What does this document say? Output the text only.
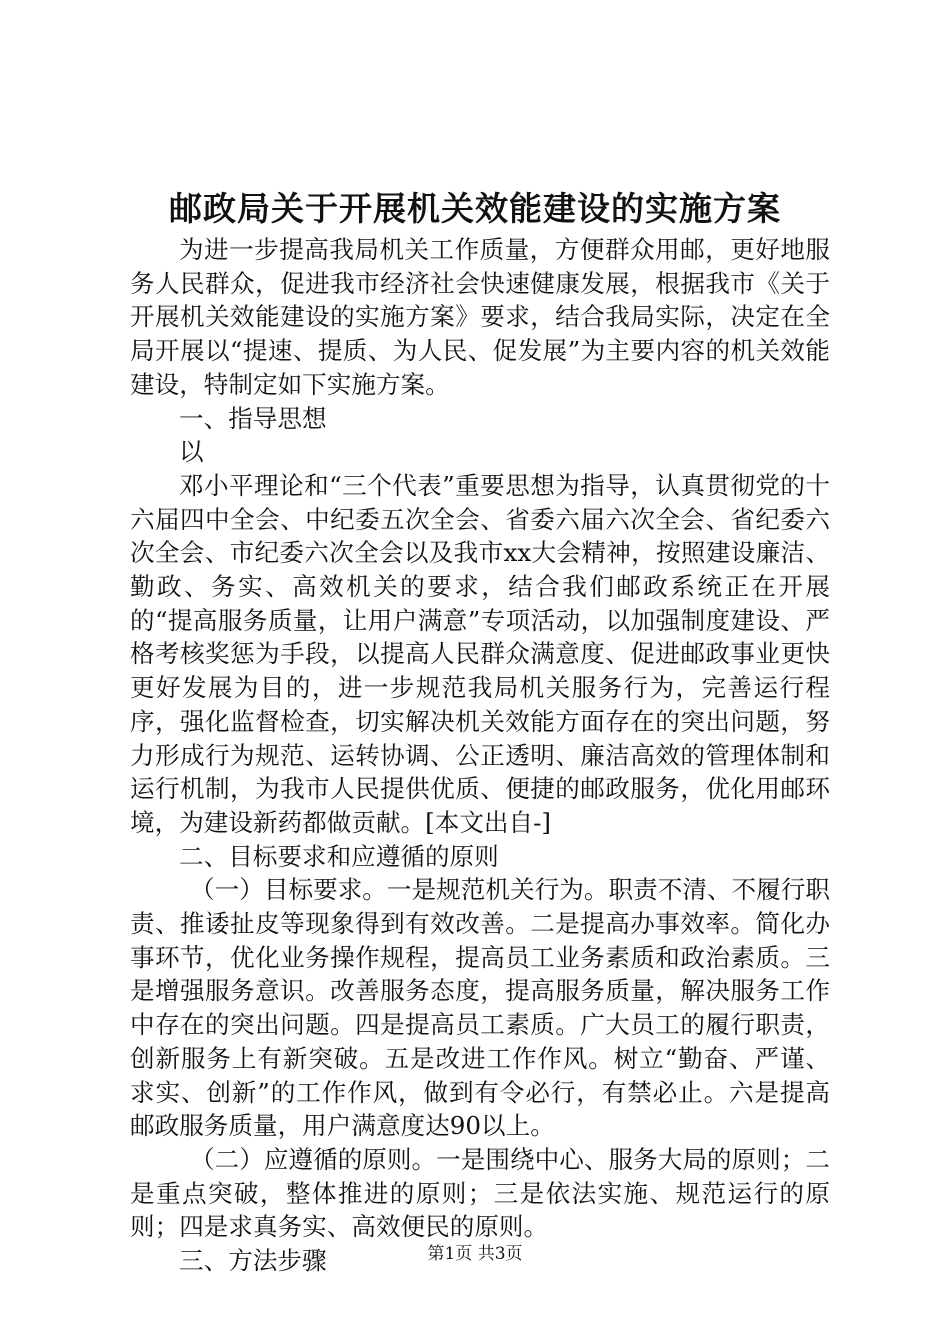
邮政局关于开展机关效能建设的实施方案

为进一步提高我局机关工作质量，方便群众用邮，更好地服务人民群众，促进我市经济社会快速健康发展，根据我市《关于开展机关效能建设的实施方案》要求，结合我局实际，决定在全局开展以“提速、提质、为人民、促发展”为主要内容的机关效能建设，特制定如下实施方案。

一、指导思想

以

邓小平理论和“三个代表”重要思想为指导，认真贯彻党的十六届四中全会、中纪委五次全会、省委六届六次全会、省纪委六次全会、市纪委六次全会以及我市xx大会精神，按照建设廉洁、勤政、务实、高效机关的要求，结合我们邮政系统正在开展的“提高服务质量，让用户满意”专项活动，以加强制度建设、严格考核奖惩为手段，以提高人民群众满意度、促进邮政事业更快更好发展为目的，进一步规范我局机关服务行为，完善运行程序，强化监督检查，切实解决机关效能方面存在的突出问题，努力形成行为规范、运转协调、公正透明、廉洁高效的管理体制和运行机制，为我市人民提供优质、便捷的邮政服务，优化用邮环境，为建设新药都做贡献。[本文出自-]

二、目标要求和应遵循的原则

（一）目标要求。一是规范机关行为。职责不清、不履行职责、推诿扯皮等现象得到有效改善。二是提高办事效率。简化办事环节，优化业务操作规程，提高员工业务素质和政治素质。三是增强服务意识。改善服务态度，提高服务质量，解决服务工作中存在的突出问题。四是提高员工素质。广大员工的履行职责，创新服务上有新突破。五是改进工作作风。树立“勤奋、严谨、求实、创新”的工作作风，做到有令必行，有禁必止。六是提高邮政服务质量，用户满意度达90以上。

（二）应遵循的原则。一是围绕中心、服务大局的原则；二是重点突破，整体推进的原则；三是依法实施、规范运行的原则；四是求真务实、高效便民的原则。

三、方法步骤	第1页 共3页
